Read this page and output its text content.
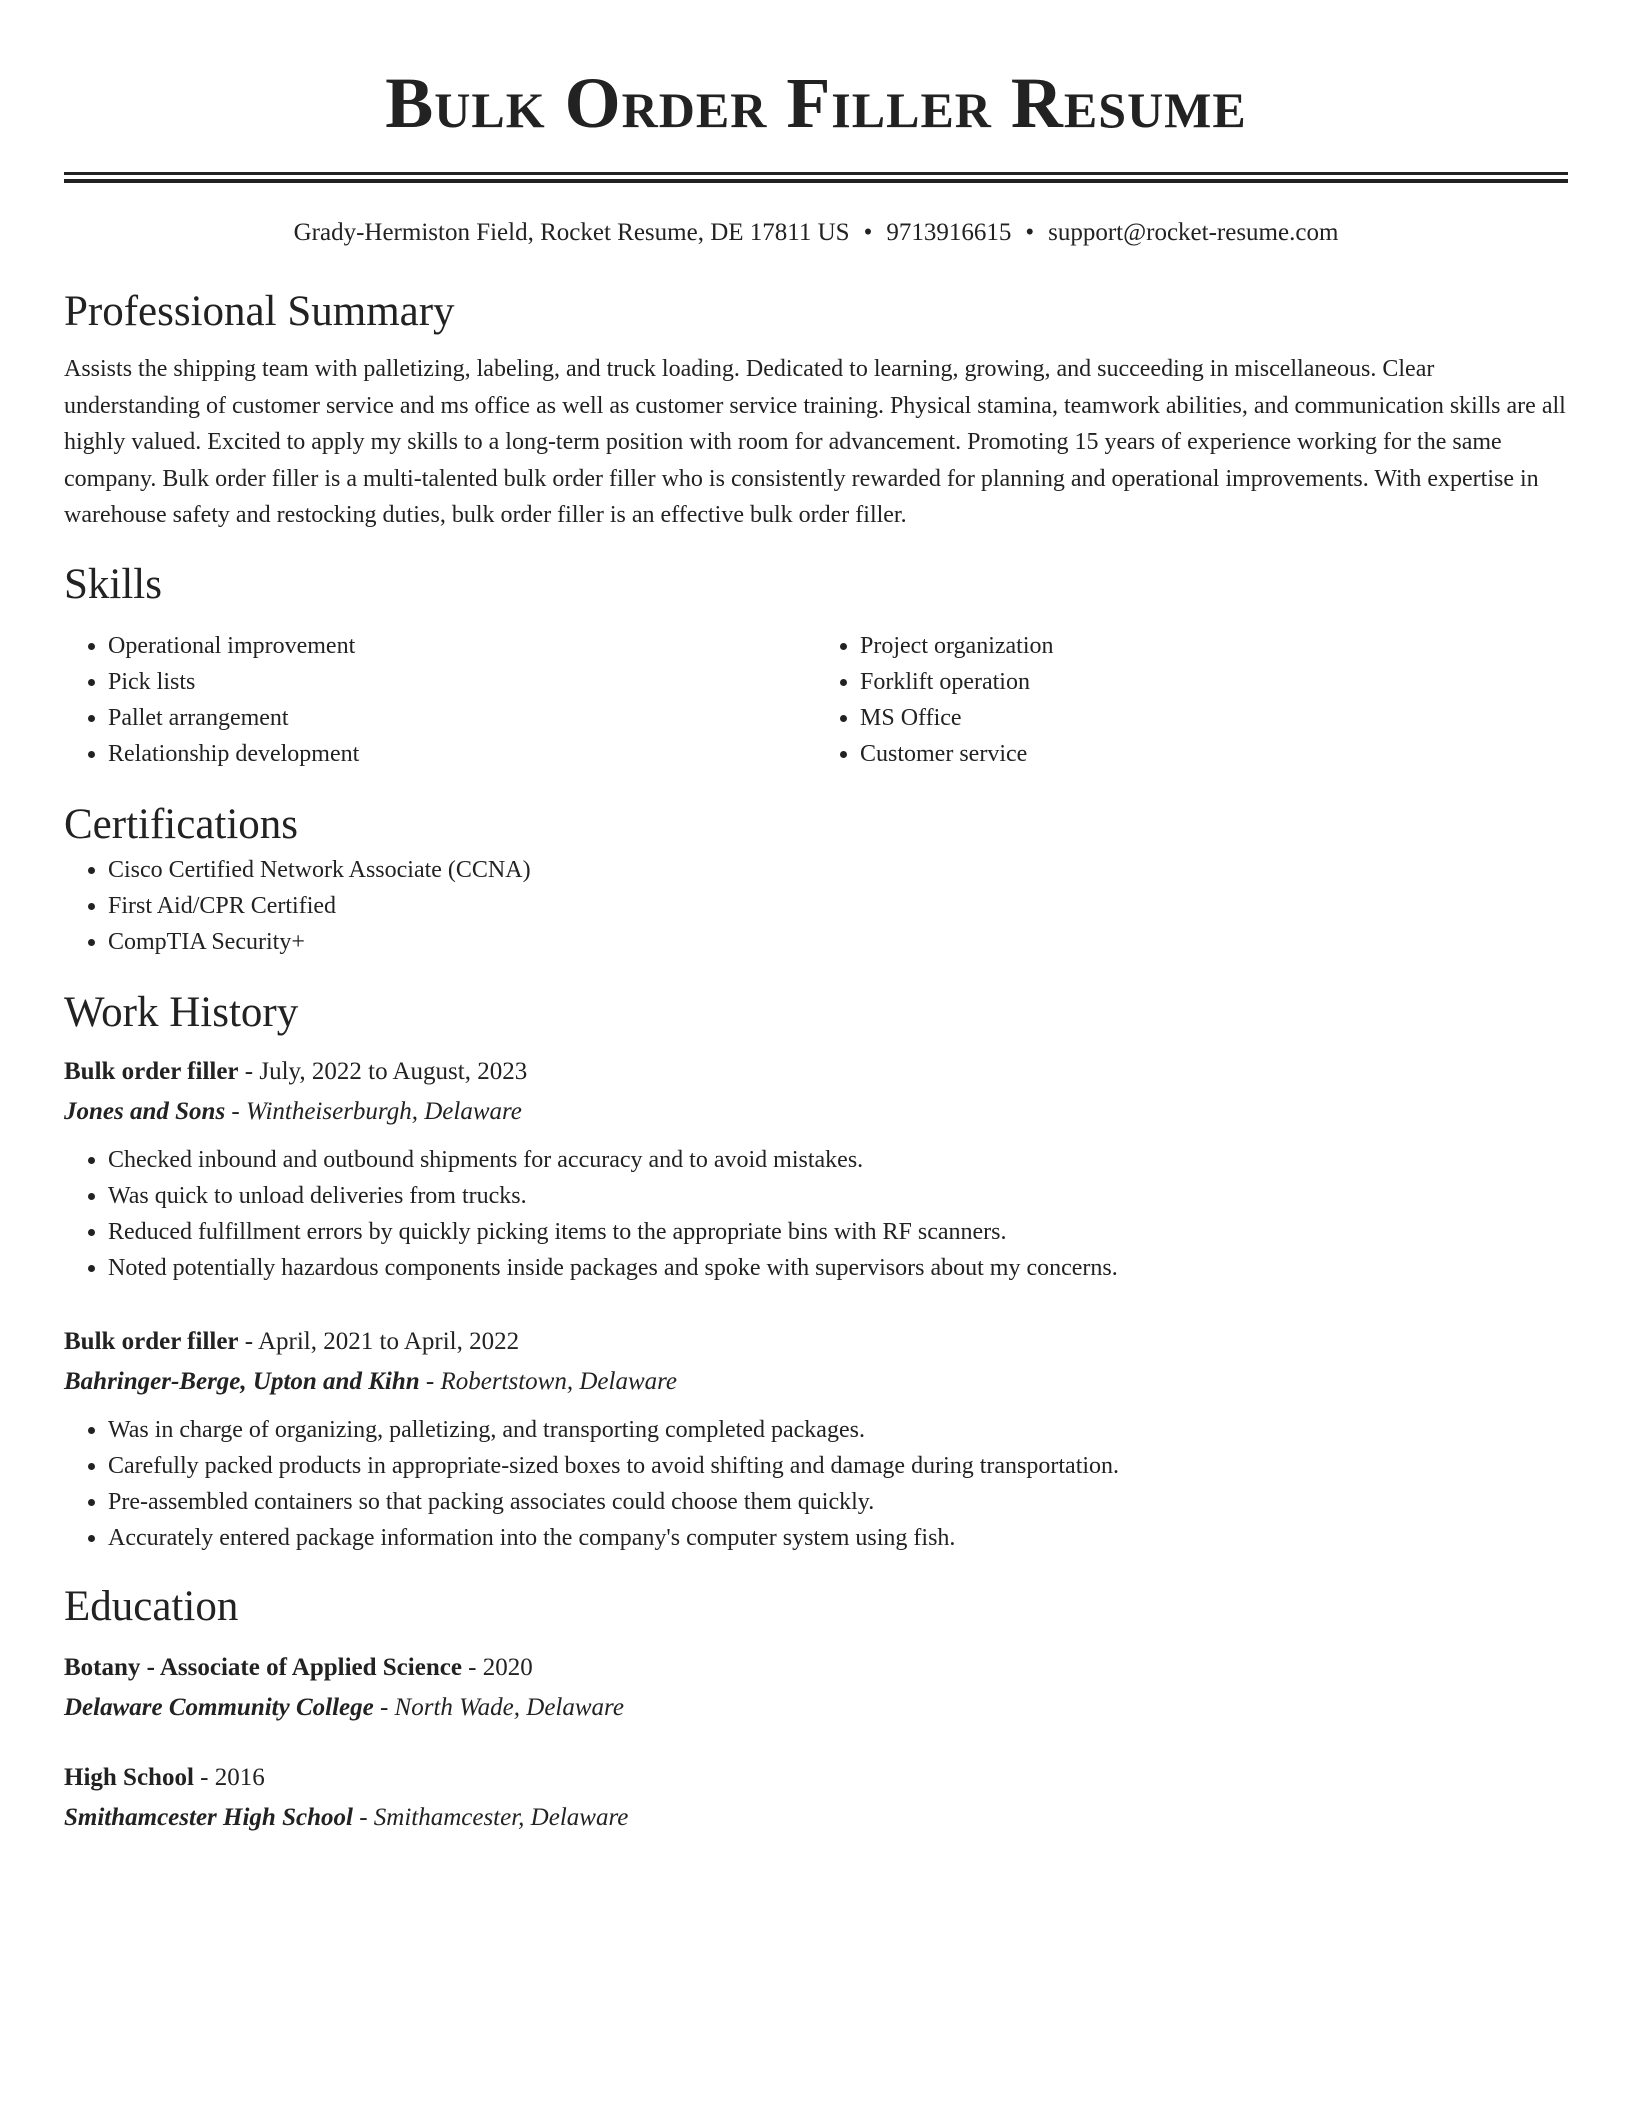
Bulk Order Filler Resume
Grady-Hermiston Field, Rocket Resume, DE 17811 US • 9713916615 • support@rocket-resume.com
Professional Summary

Assists the shipping team with palletizing, labeling, and truck loading. Dedicated to learning, growing, and succeeding in miscellaneous. Clear understanding of customer service and ms office as well as customer service training. Physical stamina, teamwork abilities, and communication skills are all highly valued. Excited to apply my skills to a long-term position with room for advancement. Promoting 15 years of experience working for the same company. Bulk order filler is a multi-talented bulk order filler who is consistently rewarded for planning and operational improvements. With expertise in warehouse safety and restocking duties, bulk order filler is an effective bulk order filler.

Skills
• Operational improvement
• Pick lists
• Pallet arrangement
• Relationship development
• Project organization
• Forklift operation
• MS Office
• Customer service
Certifications
• Cisco Certified Network Associate (CCNA)
• First Aid/CPR Certified
• CompTIA Security+
Work History
Bulk order filler - July, 2022 to August, 2023
Jones and Sons - Wintheiserburgh, Delaware
• Checked inbound and outbound shipments for accuracy and to avoid mistakes.
• Was quick to unload deliveries from trucks.
• Reduced fulfillment errors by quickly picking items to the appropriate bins with RF scanners.
• Noted potentially hazardous components inside packages and spoke with supervisors about my concerns.
Bulk order filler - April, 2021 to April, 2022
Bahringer-Berge, Upton and Kihn - Robertstown, Delaware
• Was in charge of organizing, palletizing, and transporting completed packages.
• Carefully packed products in appropriate-sized boxes to avoid shifting and damage during transportation.
• Pre-assembled containers so that packing associates could choose them quickly.
• Accurately entered package information into the company's computer system using fish.
Education
Botany - Associate of Applied Science - 2020
Delaware Community College - North Wade, Delaware
High School - 2016
Smithamcester High School - Smithamcester, Delaware
